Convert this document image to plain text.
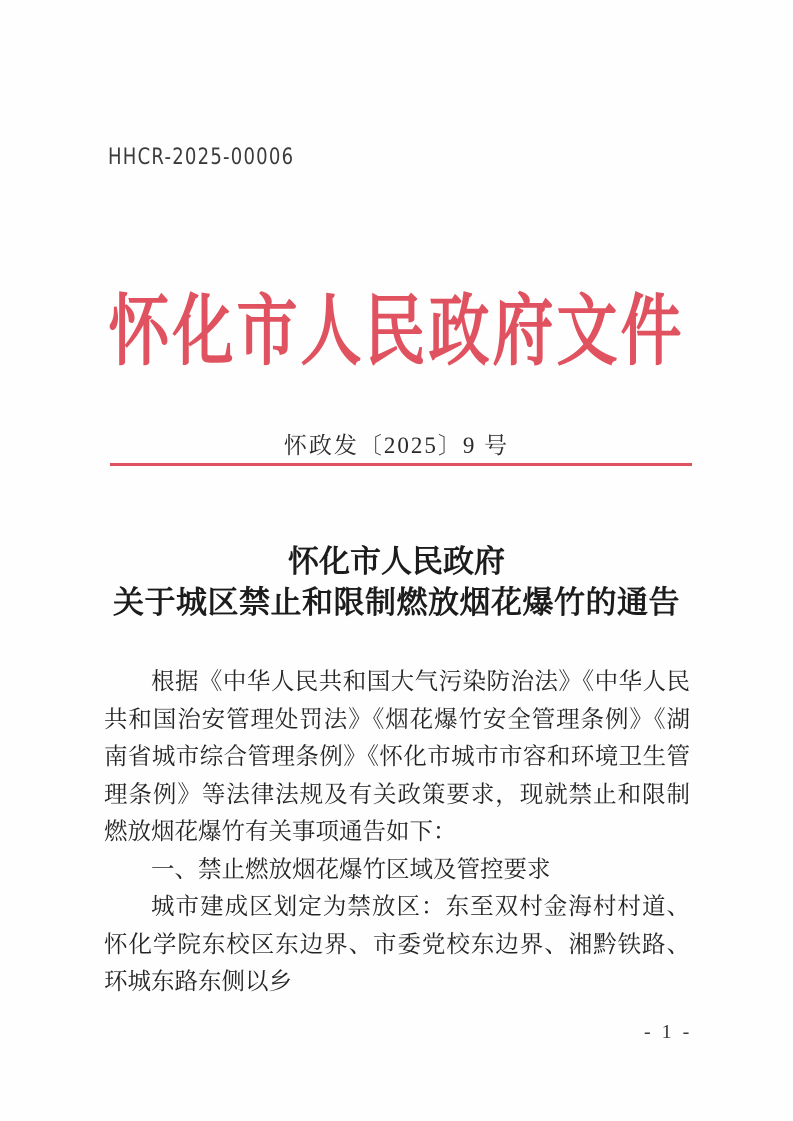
HHCR-2025-00006
怀化市人民政府文件
怀政发〔2025〕9 号
怀化市人民政府
关于城区禁止和限制燃放烟花爆竹的通告

根据《中华人民共和国大气污染防治法》《中华人民共和国治安管理处罚法》《烟花爆竹安全管理条例》《湖南省城市综合管理条例》《怀化市城市市容和环境卫生管理条例》等法律法规及有关政策要求，现就禁止和限制燃放烟花爆竹有关事项通告如下：

一、禁止燃放烟花爆竹区域及管控要求

城市建成区划定为禁放区：东至双村金海村村道、怀化学院东校区东边界、市委党校东边界、湘黔铁路、环城东路东侧以乡

- 1 -
